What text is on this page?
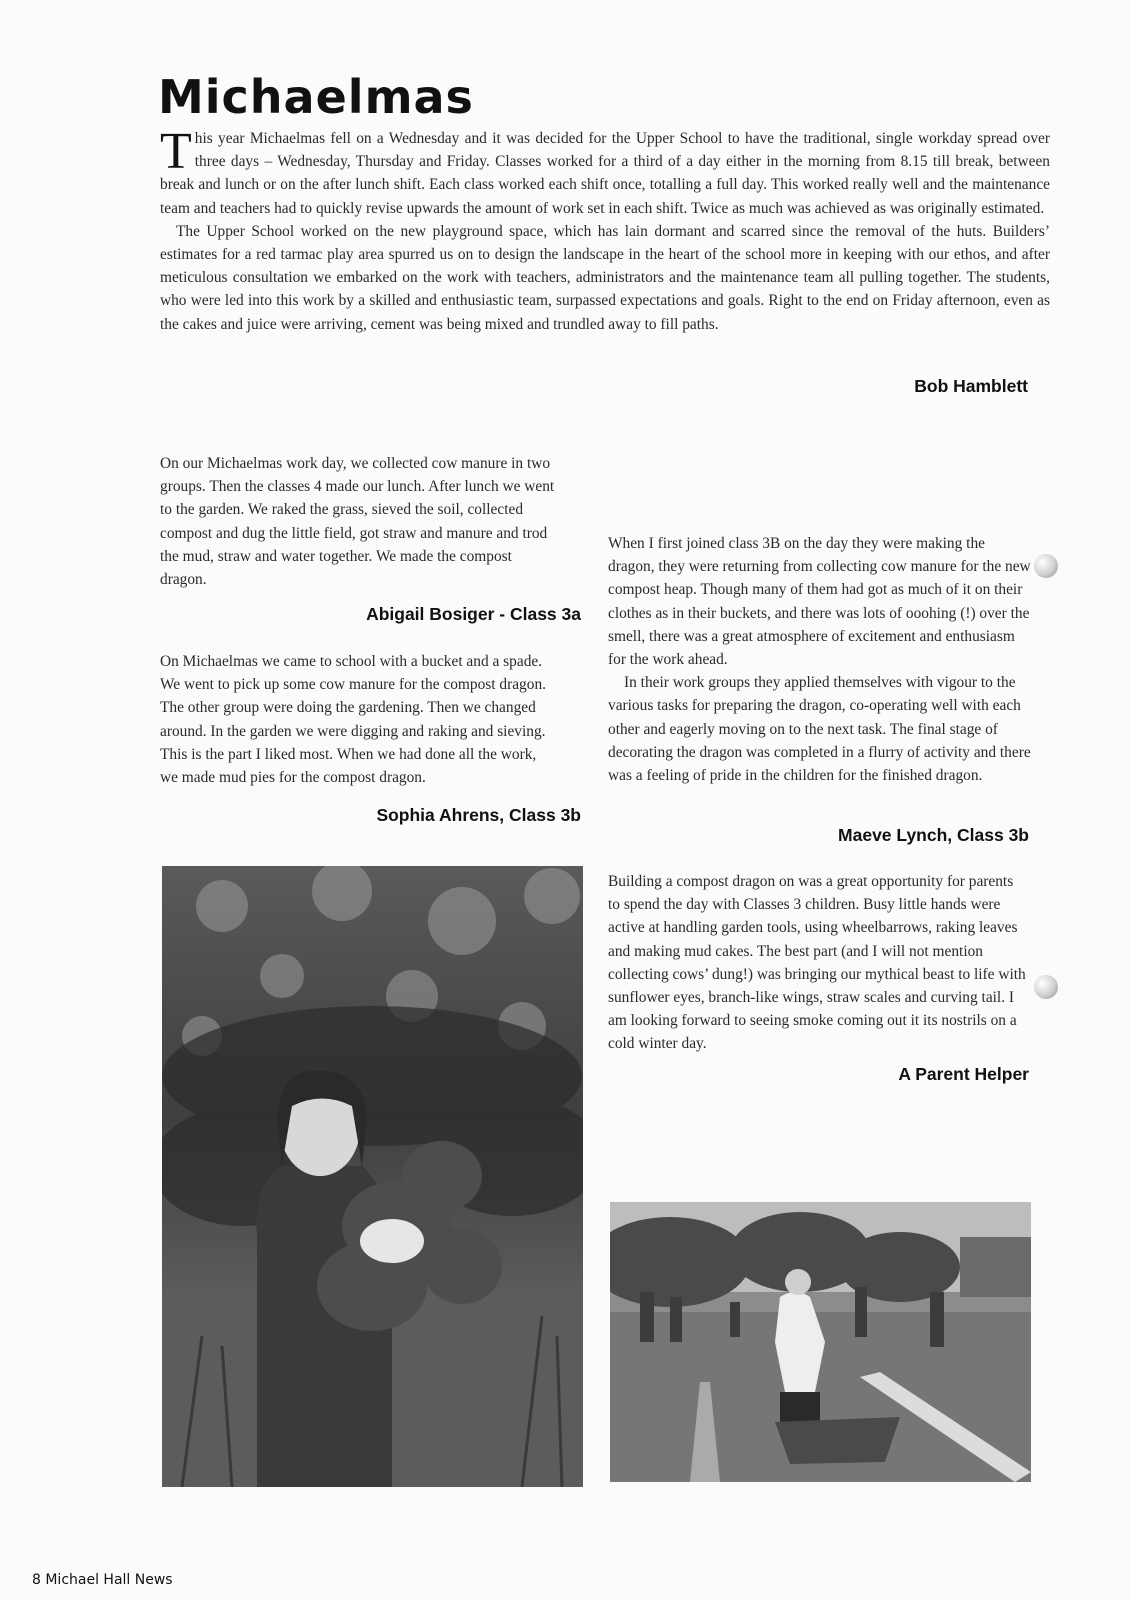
Michaelmas

This year Michaelmas fell on a Wednesday and it was decided for the Upper School to have the traditional, single workday spread over three days – Wednesday, Thursday and Friday. Classes worked for a third of a day either in the morning from 8.15 till break, between break and lunch or on the after lunch shift. Each class worked each shift once, totalling a full day. This worked really well and the maintenance team and teachers had to quickly revise upwards the amount of work set in each shift. Twice as much was achieved as was originally estimated.

The Upper School worked on the new playground space, which has lain dormant and scarred since the removal of the huts. Builders’ estimates for a red tarmac play area spurred us on to design the landscape in the heart of the school more in keeping with our ethos, and after meticulous consultation we embarked on the work with teachers, administrators and the maintenance team all pulling together. The students, who were led into this work by a skilled and enthusiastic team, surpassed expectations and goals. Right to the end on Friday afternoon, even as the cakes and juice were arriving, cement was being mixed and trundled away to fill paths.

Bob Hamblett

On our Michaelmas work day, we collected cow manure in two groups. Then the classes 4 made our lunch. After lunch we went to the garden. We raked the grass, sieved the soil, collected compost and dug the little field, got straw and manure and trod the mud, straw and water together. We made the compost dragon.

Abigail Bosiger - Class 3a

On Michaelmas we came to school with a bucket and a spade. We went to pick up some cow manure for the compost dragon. The other group were doing the gardening. Then we changed around. In the garden we were digging and raking and sieving. This is the part I liked most. When we had done all the work, we made mud pies for the compost dragon.

Sophia Ahrens, Class 3b

When I first joined class 3B on the day they were making the dragon, they were returning from collecting cow manure for the new compost heap. Though many of them had got as much of it on their clothes as in their buckets, and there was lots of ooohing (!) over the smell, there was a great atmosphere of excitement and enthusiasm for the work ahead.

In their work groups they applied themselves with vigour to the various tasks for preparing the dragon, co-operating well with each other and eagerly moving on to the next task. The final stage of decorating the dragon was completed in a flurry of activity and there was a feeling of pride in the children for the finished dragon.

Maeve Lynch, Class 3b

Building a compost dragon on was a great opportunity for parents to spend the day with Classes 3 children. Busy little hands were active at handling garden tools, using wheelbarrows, raking leaves and making mud cakes. The best part (and I will not mention collecting cows’ dung!) was bringing our mythical beast to life with sunflower eyes, branch-like wings, straw scales and curving tail. I am looking forward to seeing smoke coming out it its nostrils on a cold winter day.

A Parent Helper
8 Michael Hall News
